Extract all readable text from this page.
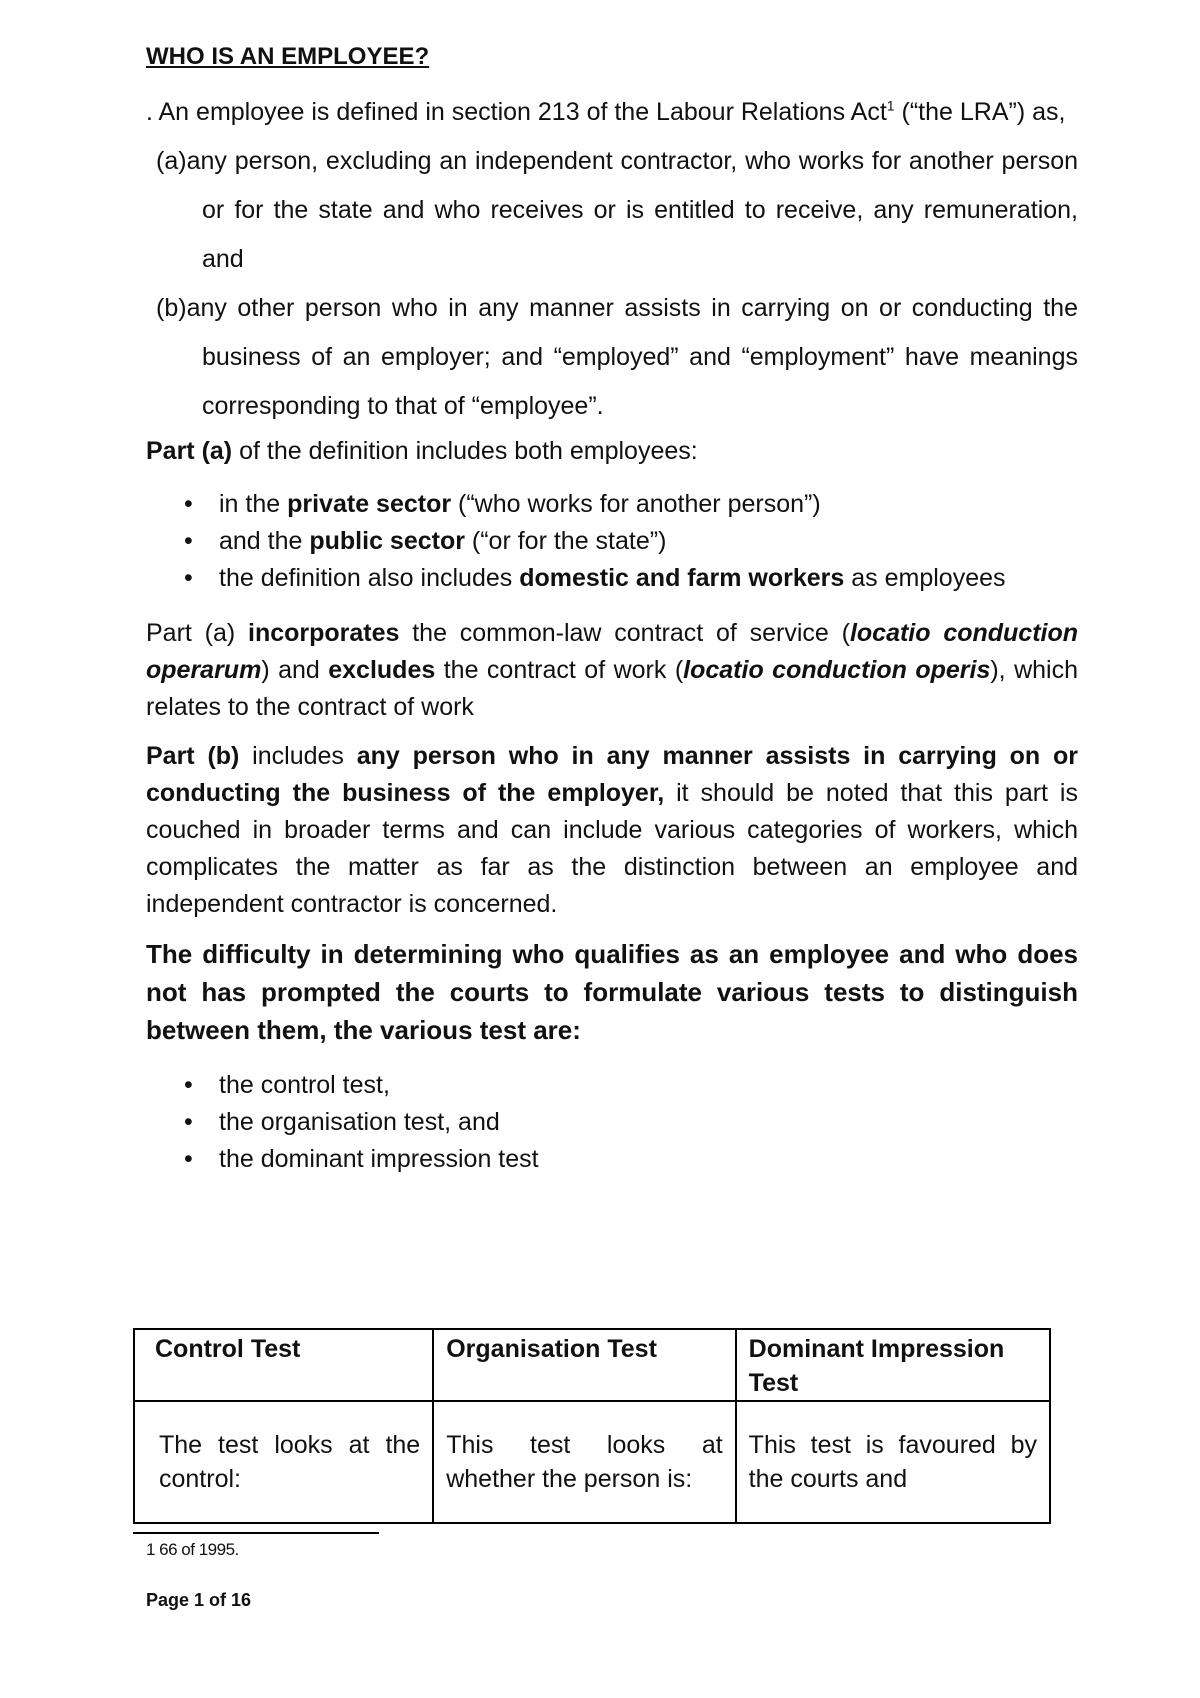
WHO IS AN EMPLOYEE?

. An employee is defined in section 213 of the Labour Relations Act$^1$ (“the LRA”) as,

(a)any person, excluding an independent contractor, who works for another person or for the state and who receives or is entitled to receive, any remuneration, and
(b)any other person who in any manner assists in carrying on or conducting the business of an employer; and “employed” and “employment” have meanings corresponding to that of “employee”.

Part (a) of the definition includes both employees:

• in the private sector (“who works for another person”)
• and the public sector (“or for the state”)
• the definition also includes domestic and farm workers as employees

Part (a) incorporates the common-law contract of service (locatio conduction operarum) and excludes the contract of work (locatio conduction operis), which relates to the contract of work

Part (b) includes any person who in any manner assists in carrying on or conducting the business of the employer, it should be noted that this part is couched in broader terms and can include various categories of workers, which complicates the matter as far as the distinction between an employee and independent contractor is concerned.

The difficulty in determining who qualifies as an employee and who does not has prompted the courts to formulate various tests to distinguish between them, the various test are:

• the control test,
• the organisation test, and
• the dominant impression test
Control Test	Organisation Test	Dominant Impression Test
The test looks at the control:	This test looks at whether the person is:	This test is favoured by the courts and
1 66 of 1995.
Page 1 of 16
